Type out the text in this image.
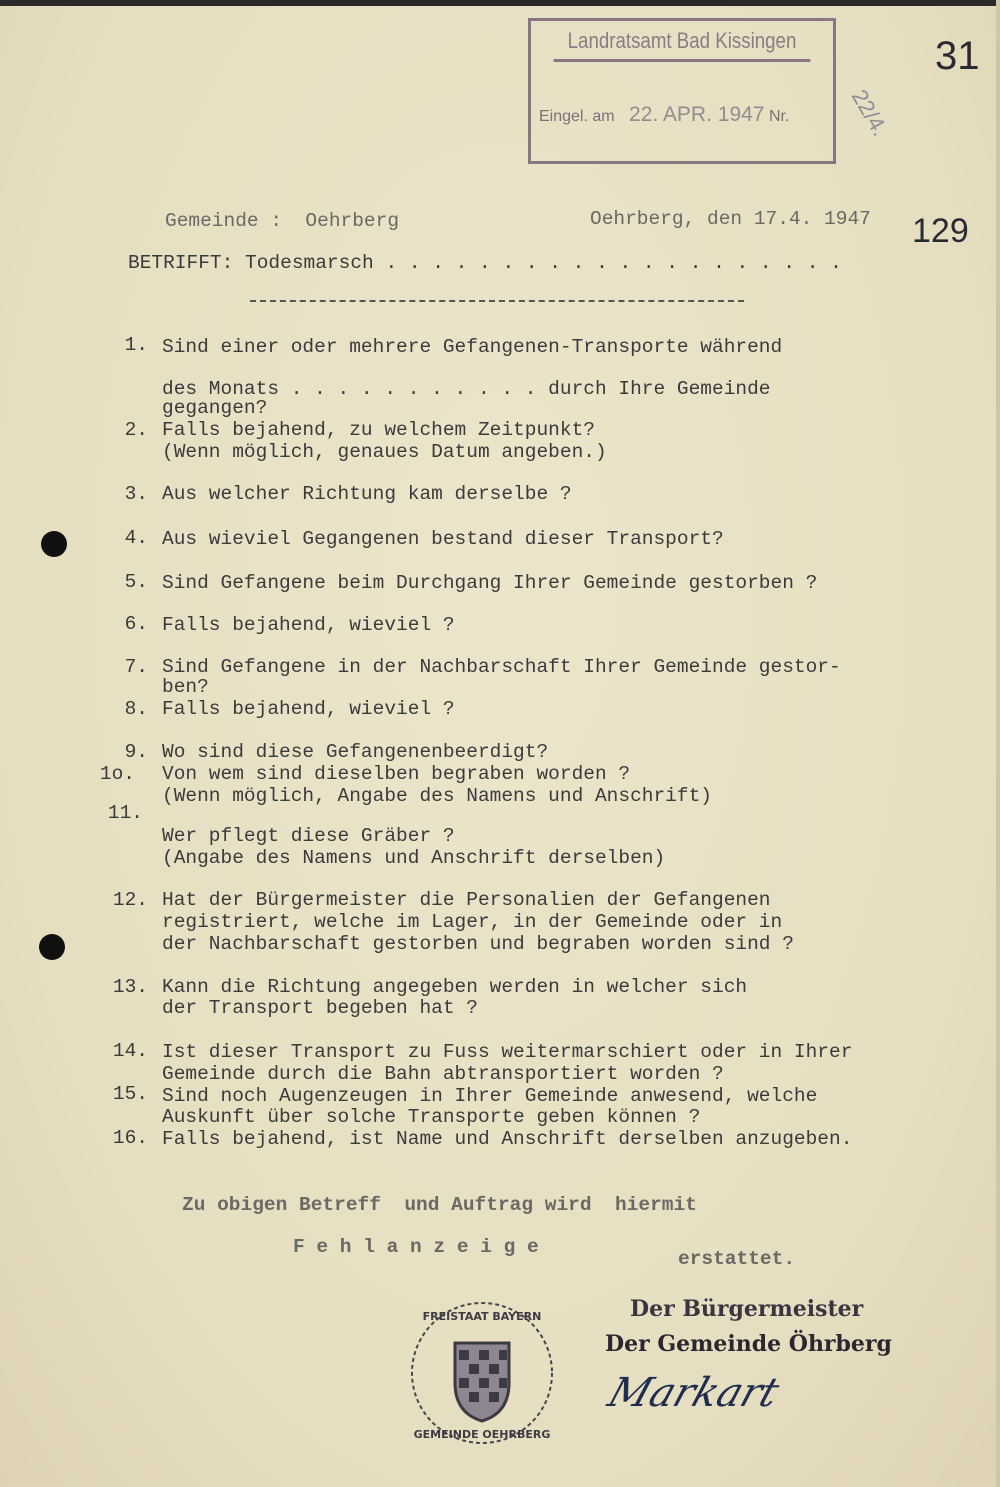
Landratsamt Bad Kissingen
Eingel. am 22. APR. 1947 Nr.	22/4.
31
129
Gemeinde :  Oehrberg	Oehrberg, den 17.4. 1947
BETRIFFT: Todesmarsch . . . . . . . . . . . . . . . . . . . .
1. Sind einer oder mehrere Gefangenen-Transporte während
des Monats . . . . . . . . . . . durch Ihre Gemeinde
gegangen?
2. Falls bejahend, zu welchem Zeitpunkt?
(Wenn möglich, genaues Datum angeben.)
3. Aus welcher Richtung kam derselbe ?
4. Aus wieviel Gegangenen bestand dieser Transport?
5. Sind Gefangene beim Durchgang Ihrer Gemeinde gestorben ?
6. Falls bejahend, wieviel ?
7. Sind Gefangene in der Nachbarschaft Ihrer Gemeinde gestor-
ben?
8. Falls bejahend, wieviel ?
9. Wo sind diese Gefangenenbeerdigt?
1o. Von wem sind dieselben begraben worden ?
(Wenn möglich, Angabe des Namens und Anschrift)
11.
Wer pflegt diese Gräber ?
(Angabe des Namens und Anschrift derselben)
12. Hat der Bürgermeister die Personalien der Gefangenen
registriert, welche im Lager, in der Gemeinde oder in
der Nachbarschaft gestorben und begraben worden sind ?
13. Kann die Richtung angegeben werden in welcher sich
der Transport begeben hat ?
14. Ist dieser Transport zu Fuss weitermarschiert oder in Ihrer
Gemeinde durch die Bahn abtransportiert worden ?
15. Sind noch Augenzeugen in Ihrer Gemeinde anwesend, welche
Auskunft über solche Transporte geben können ?
16. Falls bejahend, ist Name und Anschrift derselben anzugeben.
Zu obigen Betreff  und Auftrag wird  hiermit
F e h l a n z e i g e
erstattet.
FREISTAAT BAYERN
GEMEINDE OEHRBERG
Der Bürgermeister
Der Gemeinde Öhrberg
Markart
